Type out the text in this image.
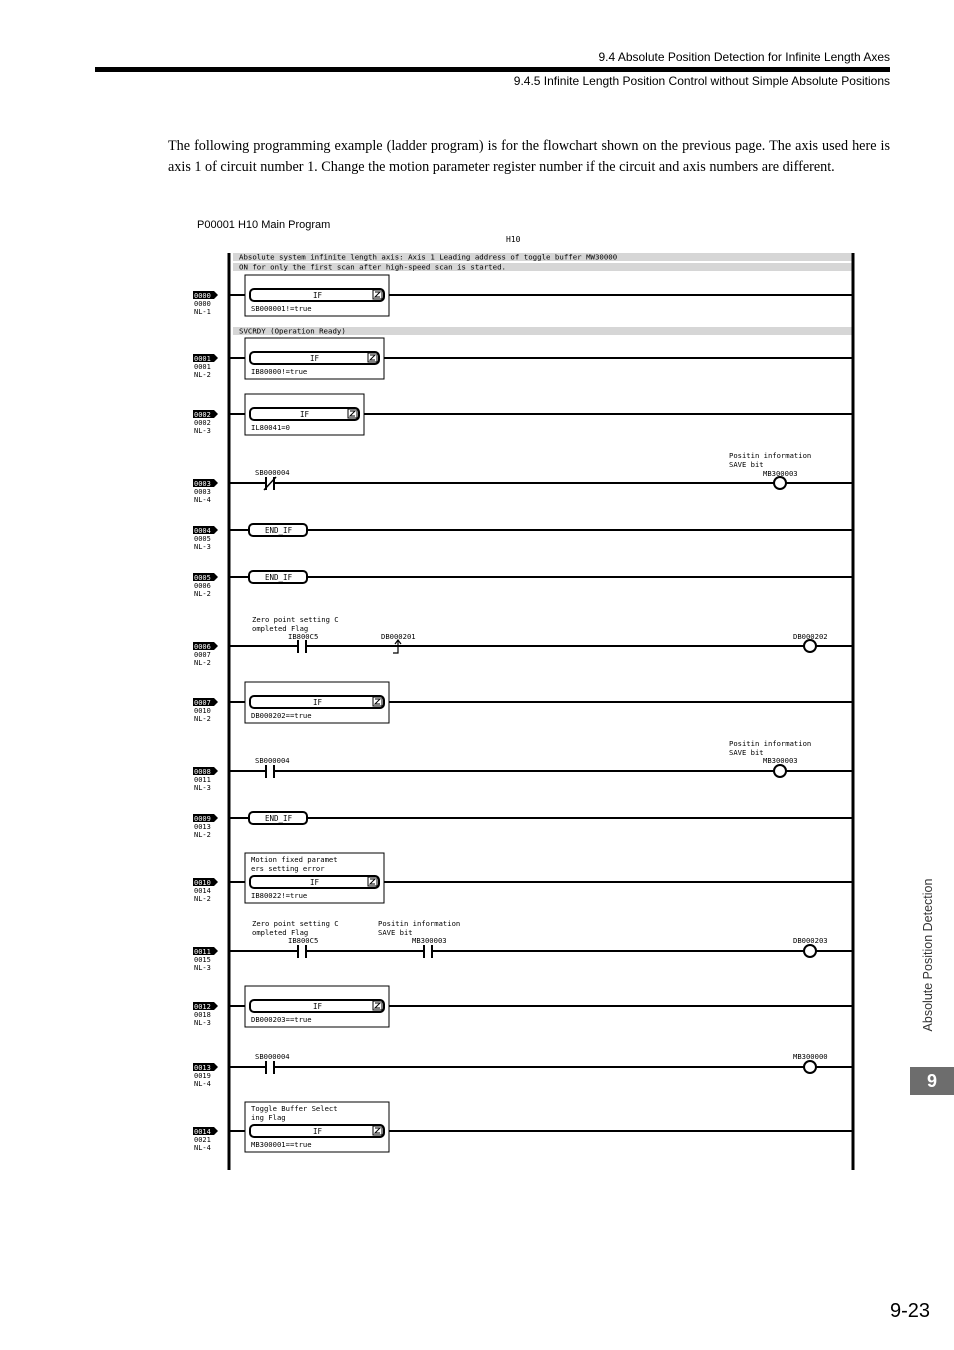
9.4 Absolute Position Detection for Infinite Length Axes
9.4.5 Infinite Length Position Control without Simple Absolute Positions
The following programming example (ladder program) is for the flowchart shown on the previous page. The axis used here is axis 1 of circuit number 1. Change the motion parameter register number if the circuit and axis numbers are different.
P00001 H10 Main Program
H10
Absolute system infinite length axis: Axis 1 Leading address of toggle buffer MW30000
ON for only the first scan after high-speed scan is started.
SVCRDY (Operation Ready)
0000
0000
NL-1
0001
0001
NL-2
0002
0002
NL-3
0003
0003
NL-4
0004
0005
NL-3
0005
0006
NL-2
0006
0007
NL-2
0007
0010
NL-2
0008
0011
NL-3
0009
0013
NL-2
0010
0014
NL-2
0011
0015
NL-3
0012
0018
NL-3
0013
0019
NL-4
0014
0021
NL-4
IF
SB000001!=true
IF
IB80000!=true
IF
IL80041=0
SB000004
Positin information
SAVE bit
MB300003
END_IF
END_IF
Zero point setting C
ompleted Flag
IB800C5	DB000201	DB000202
IF
DB000202==true
SB000004
Positin information
SAVE bit
MB300003
END_IF
Motion fixed paramet
ers setting error
IF
IB80022!=true
Zero point setting C
ompleted Flag
IB800C5
Positin information
SAVE bit
MB300003	DB000203
IF
DB000203==true
SB000004	MB300000
Toggle Buffer Select
ing Flag
IF
MB300001==true
Absolute Position Detection
9
9-23
